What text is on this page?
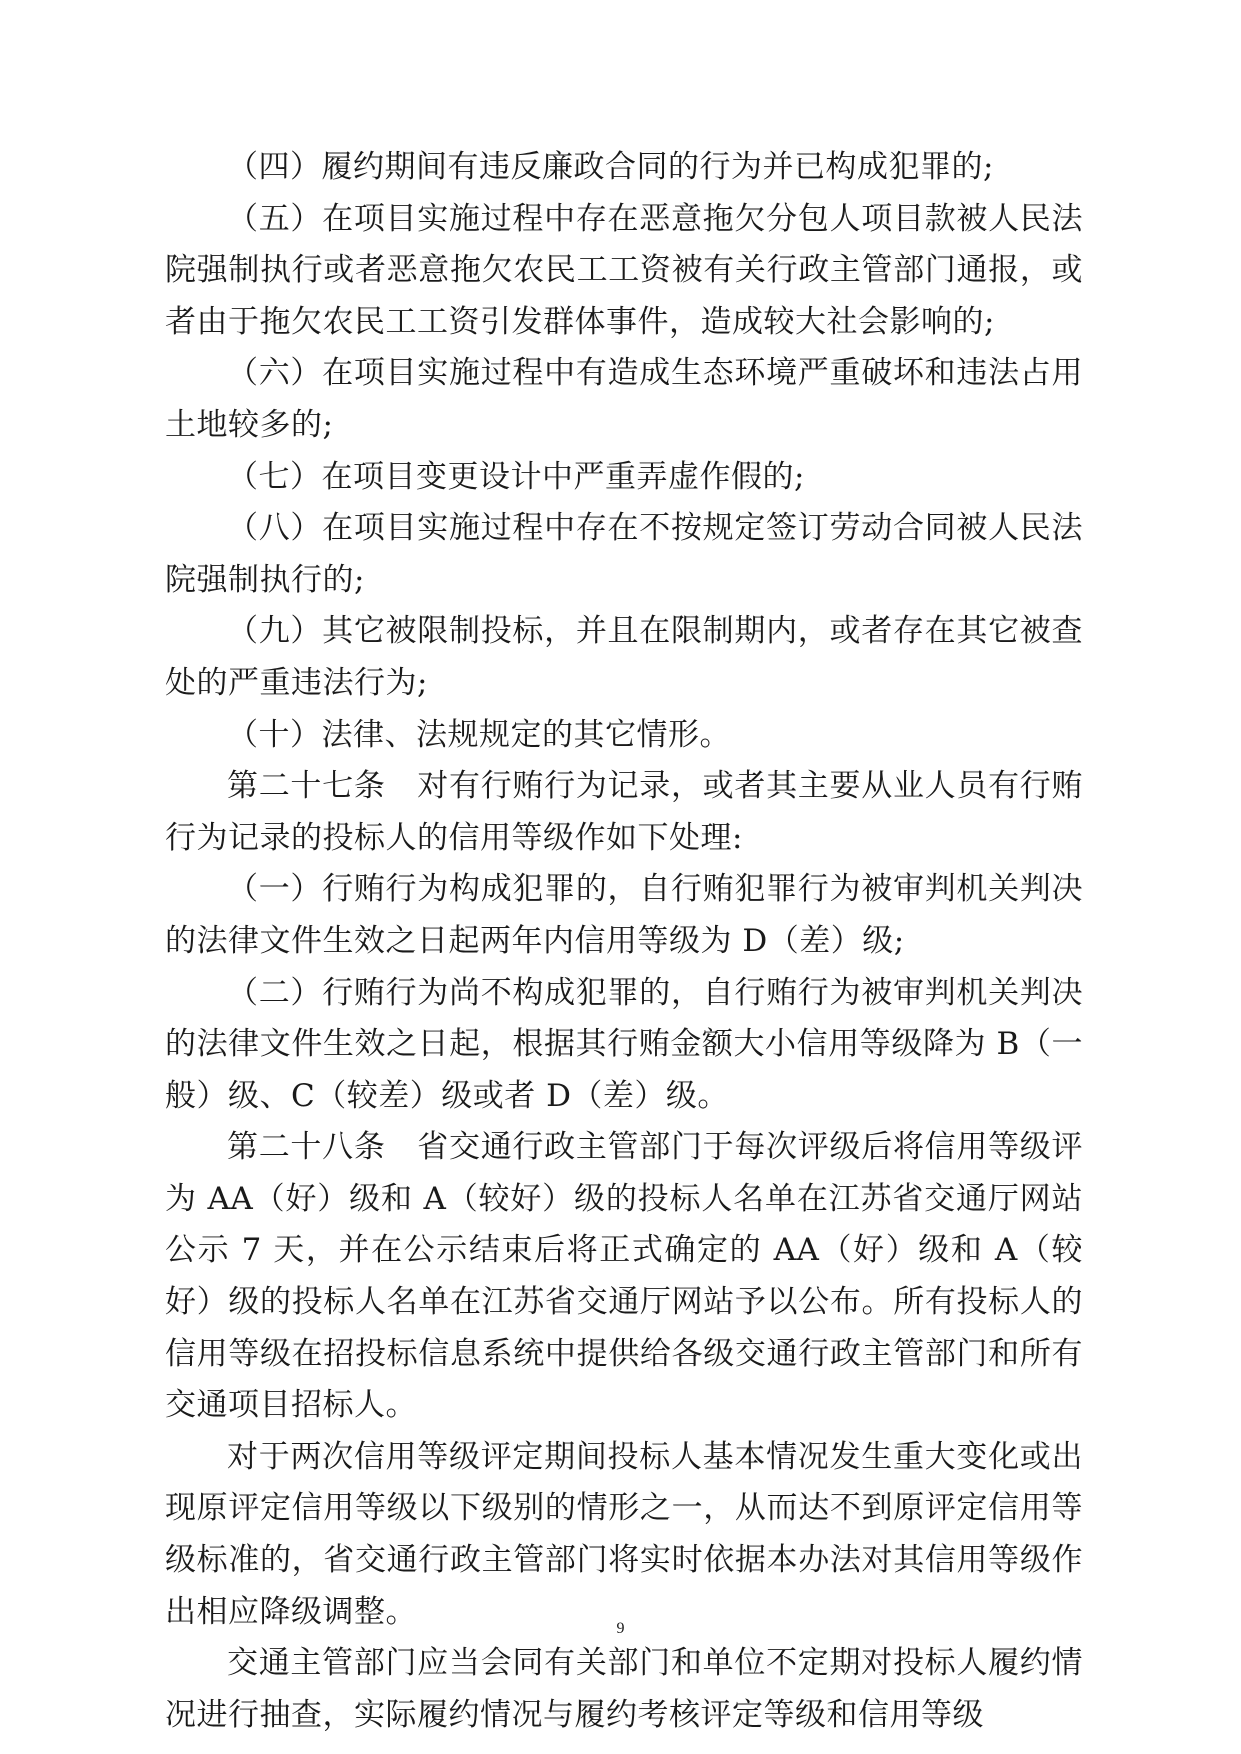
（四）履约期间有违反廉政合同的行为并已构成犯罪的;

（五）在项目实施过程中存在恶意拖欠分包人项目款被人民法院强制执行或者恶意拖欠农民工工资被有关行政主管部门通报，或者由于拖欠农民工工资引发群体事件，造成较大社会影响的;

（六）在项目实施过程中有造成生态环境严重破坏和违法占用土地较多的;

（七）在项目变更设计中严重弄虚作假的;

（八）在项目实施过程中存在不按规定签订劳动合同被人民法院强制执行的;

（九）其它被限制投标，并且在限制期内，或者存在其它被查处的严重违法行为;

（十）法律、法规规定的其它情形。

第二十七条　对有行贿行为记录，或者其主要从业人员有行贿行为记录的投标人的信用等级作如下处理:

（一）行贿行为构成犯罪的，自行贿犯罪行为被审判机关判决的法律文件生效之日起两年内信用等级为 D（差）级;

（二）行贿行为尚不构成犯罪的，自行贿行为被审判机关判决的法律文件生效之日起，根据其行贿金额大小信用等级降为 B（一般）级、C（较差）级或者 D（差）级。

第二十八条　省交通行政主管部门于每次评级后将信用等级评为 AA（好）级和 A（较好）级的投标人名单在江苏省交通厅网站公示 7 天，并在公示结束后将正式确定的 AA（好）级和 A（较好）级的投标人名单在江苏省交通厅网站予以公布。所有投标人的信用等级在招投标信息系统中提供给各级交通行政主管部门和所有交通项目招标人。

对于两次信用等级评定期间投标人基本情况发生重大变化或出现原评定信用等级以下级别的情形之一，从而达不到原评定信用等级标准的，省交通行政主管部门将实时依据本办法对其信用等级作出相应降级调整。

交通主管部门应当会同有关部门和单位不定期对投标人履约情况进行抽查，实际履约情况与履约考核评定等级和信用等级

9
